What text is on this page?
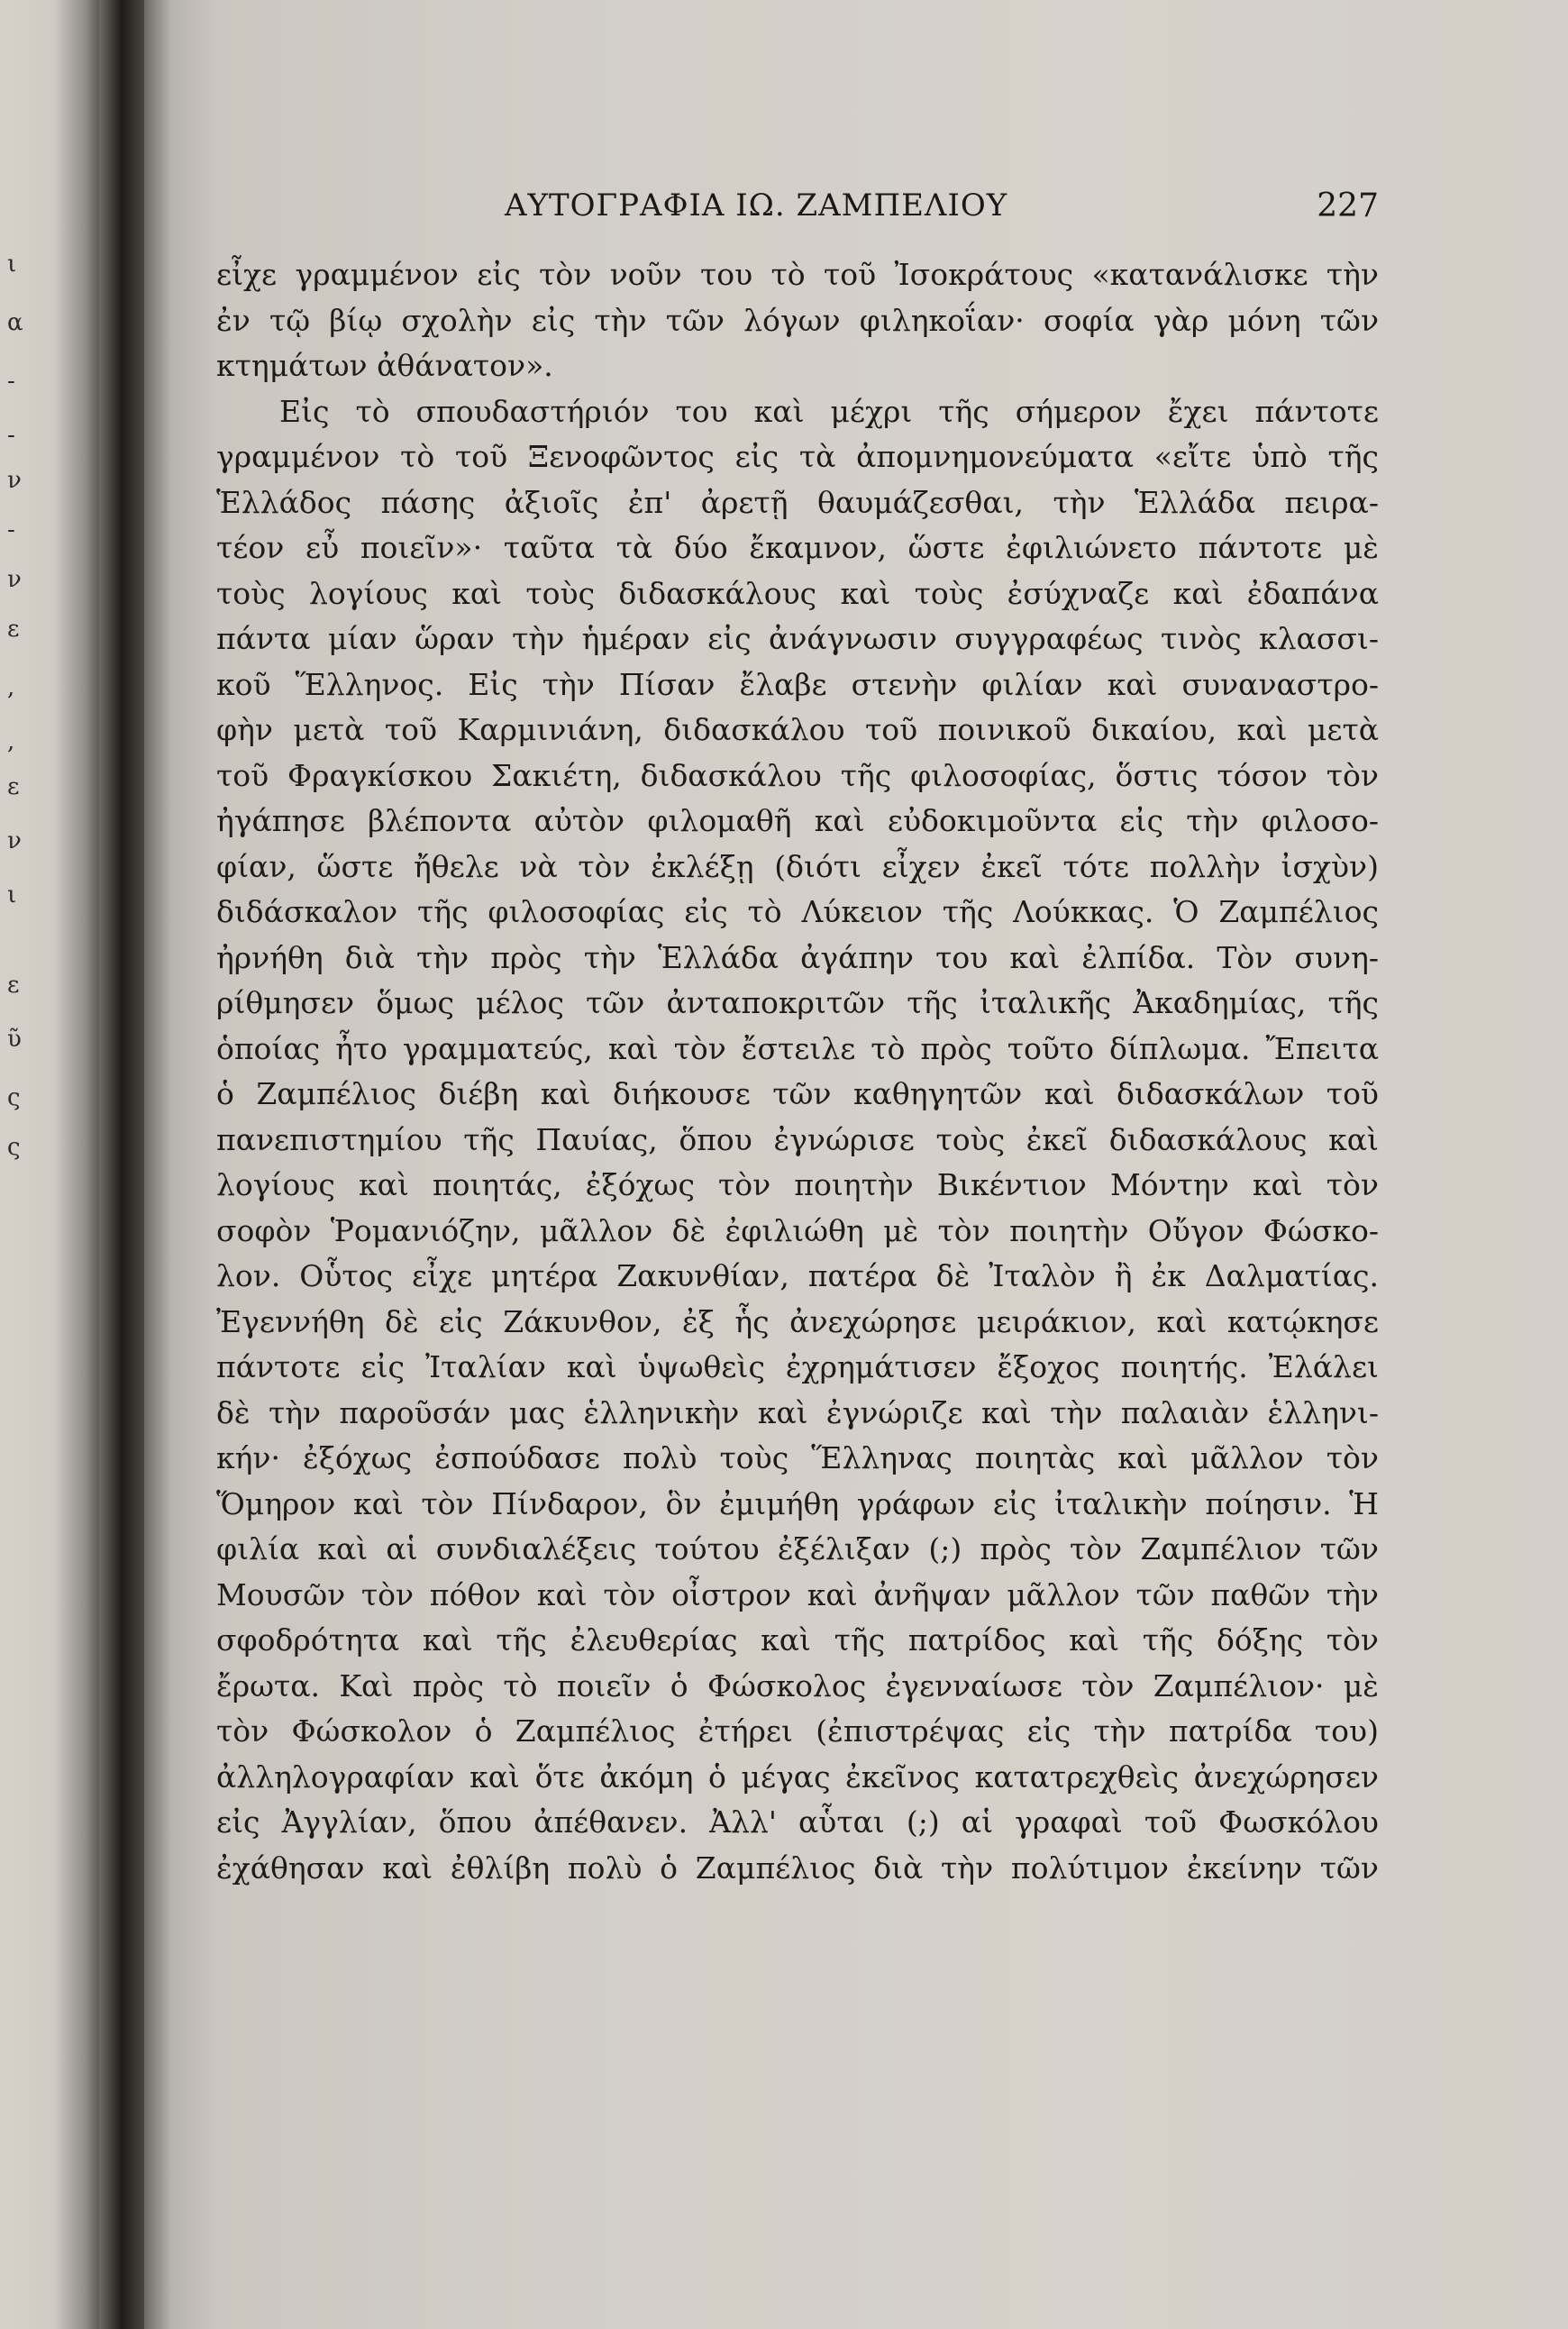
ι
α
-
-
ν
-
ν
ε
,
,
ε
ν
ι
ε
ῦ
ς
ς
ΑΥΤΟΓΡΑΦΙΑ ΙΩ. ΖΑΜΠΕΛΙΟΥ	227
εἶχε γραμμένον εἰς τὸν νοῦν του τὸ τοῦ Ἰσοκράτους «κατανάλισκε τὴν
ἐν τῷ βίῳ σχολὴν εἰς τὴν τῶν λόγων φιληκοΐαν· σοφία γὰρ μόνη τῶν
κτημάτων ἀθάνατον».
Εἰς τὸ σπουδαστήριόν του καὶ μέχρι τῆς σήμερον ἔχει πάντοτε
γραμμένον τὸ τοῦ Ξενοφῶντος εἰς τὰ ἀπομνημονεύματα «εἴτε ὑπὸ τῆς
Ἑλλάδος πάσης ἀξιοῖς ἐπ' ἀρετῇ θαυμάζεσθαι, τὴν Ἑλλάδα πειρα-
τέον εὖ ποιεῖν»· ταῦτα τὰ δύο ἔκαμνον, ὥστε ἐφιλιώνετο πάντοτε μὲ
τοὺς λογίους καὶ τοὺς διδασκάλους καὶ τοὺς ἐσύχναζε καὶ ἐδαπάνα
πάντα μίαν ὥραν τὴν ἡμέραν εἰς ἀνάγνωσιν συγγραφέως τινὸς κλασσι-
κοῦ Ἕλληνος. Εἰς τὴν Πίσαν ἔλαβε στενὴν φιλίαν καὶ συναναστρο-
φὴν μετὰ τοῦ Καρμινιάνη, διδασκάλου τοῦ ποινικοῦ δικαίου, καὶ μετὰ
τοῦ Φραγκίσκου Σακιέτη, διδασκάλου τῆς φιλοσοφίας, ὅστις τόσον τὸν
ἠγάπησε βλέποντα αὐτὸν φιλομαθῆ καὶ εὐδοκιμοῦντα εἰς τὴν φιλοσο-
φίαν, ὥστε ἤθελε νὰ τὸν ἐκλέξῃ (διότι εἶχεν ἐκεῖ τότε πολλὴν ἰσχὺν)
διδάσκαλον τῆς φιλοσοφίας εἰς τὸ Λύκειον τῆς Λούκκας. Ὁ Ζαμπέλιος
ἠρνήθη διὰ τὴν πρὸς τὴν Ἑλλάδα ἀγάπην του καὶ ἐλπίδα. Τὸν συνη-
ρίθμησεν ὅμως μέλος τῶν ἀνταποκριτῶν τῆς ἰταλικῆς Ἀκαδημίας, τῆς
ὁποίας ἦτο γραμματεύς, καὶ τὸν ἔστειλε τὸ πρὸς τοῦτο δίπλωμα. Ἔπειτα
ὁ Ζαμπέλιος διέβη καὶ διήκουσε τῶν καθηγητῶν καὶ διδασκάλων τοῦ
πανεπιστημίου τῆς Παυίας, ὅπου ἐγνώρισε τοὺς ἐκεῖ διδασκάλους καὶ
λογίους καὶ ποιητάς, ἐξόχως τὸν ποιητὴν Βικέντιον Μόντην καὶ τὸν
σοφὸν Ῥομανιόζην, μᾶλλον δὲ ἐφιλιώθη μὲ τὸν ποιητὴν Οὔγον Φώσκο-
λον. Οὗτος εἶχε μητέρα Ζακυνθίαν, πατέρα δὲ Ἰταλὸν ἢ ἐκ Δαλματίας.
Ἐγεννήθη δὲ εἰς Ζάκυνθον, ἐξ ἧς ἀνεχώρησε μειράκιον, καὶ κατῴκησε
πάντοτε εἰς Ἰταλίαν καὶ ὑψωθεὶς ἐχρημάτισεν ἔξοχος ποιητής. Ἐλάλει
δὲ τὴν παροῦσάν μας ἑλληνικὴν καὶ ἐγνώριζε καὶ τὴν παλαιὰν ἑλληνι-
κήν· ἐξόχως ἐσπούδασε πολὺ τοὺς Ἕλληνας ποιητὰς καὶ μᾶλλον τὸν
Ὅμηρον καὶ τὸν Πίνδαρον, ὃν ἐμιμήθη γράφων εἰς ἰταλικὴν ποίησιν. Ἡ
φιλία καὶ αἱ συνδιαλέξεις τούτου ἐξέλιξαν (;) πρὸς τὸν Ζαμπέλιον τῶν
Μουσῶν τὸν πόθον καὶ τὸν οἶστρον καὶ ἀνῆψαν μᾶλλον τῶν παθῶν τὴν
σφοδρότητα καὶ τῆς ἐλευθερίας καὶ τῆς πατρίδος καὶ τῆς δόξης τὸν
ἔρωτα. Καὶ πρὸς τὸ ποιεῖν ὁ Φώσκολος ἐγενναίωσε τὸν Ζαμπέλιον· μὲ
τὸν Φώσκολον ὁ Ζαμπέλιος ἐτήρει (ἐπιστρέψας εἰς τὴν πατρίδα του)
ἀλληλογραφίαν καὶ ὅτε ἀκόμη ὁ μέγας ἐκεῖνος κατατρεχθεὶς ἀνεχώρησεν
εἰς Ἀγγλίαν, ὅπου ἀπέθανεν. Ἀλλ' αὗται (;) αἱ γραφαὶ τοῦ Φωσκόλου
ἐχάθησαν καὶ ἐθλίβη πολὺ ὁ Ζαμπέλιος διὰ τὴν πολύτιμον ἐκείνην τῶν
